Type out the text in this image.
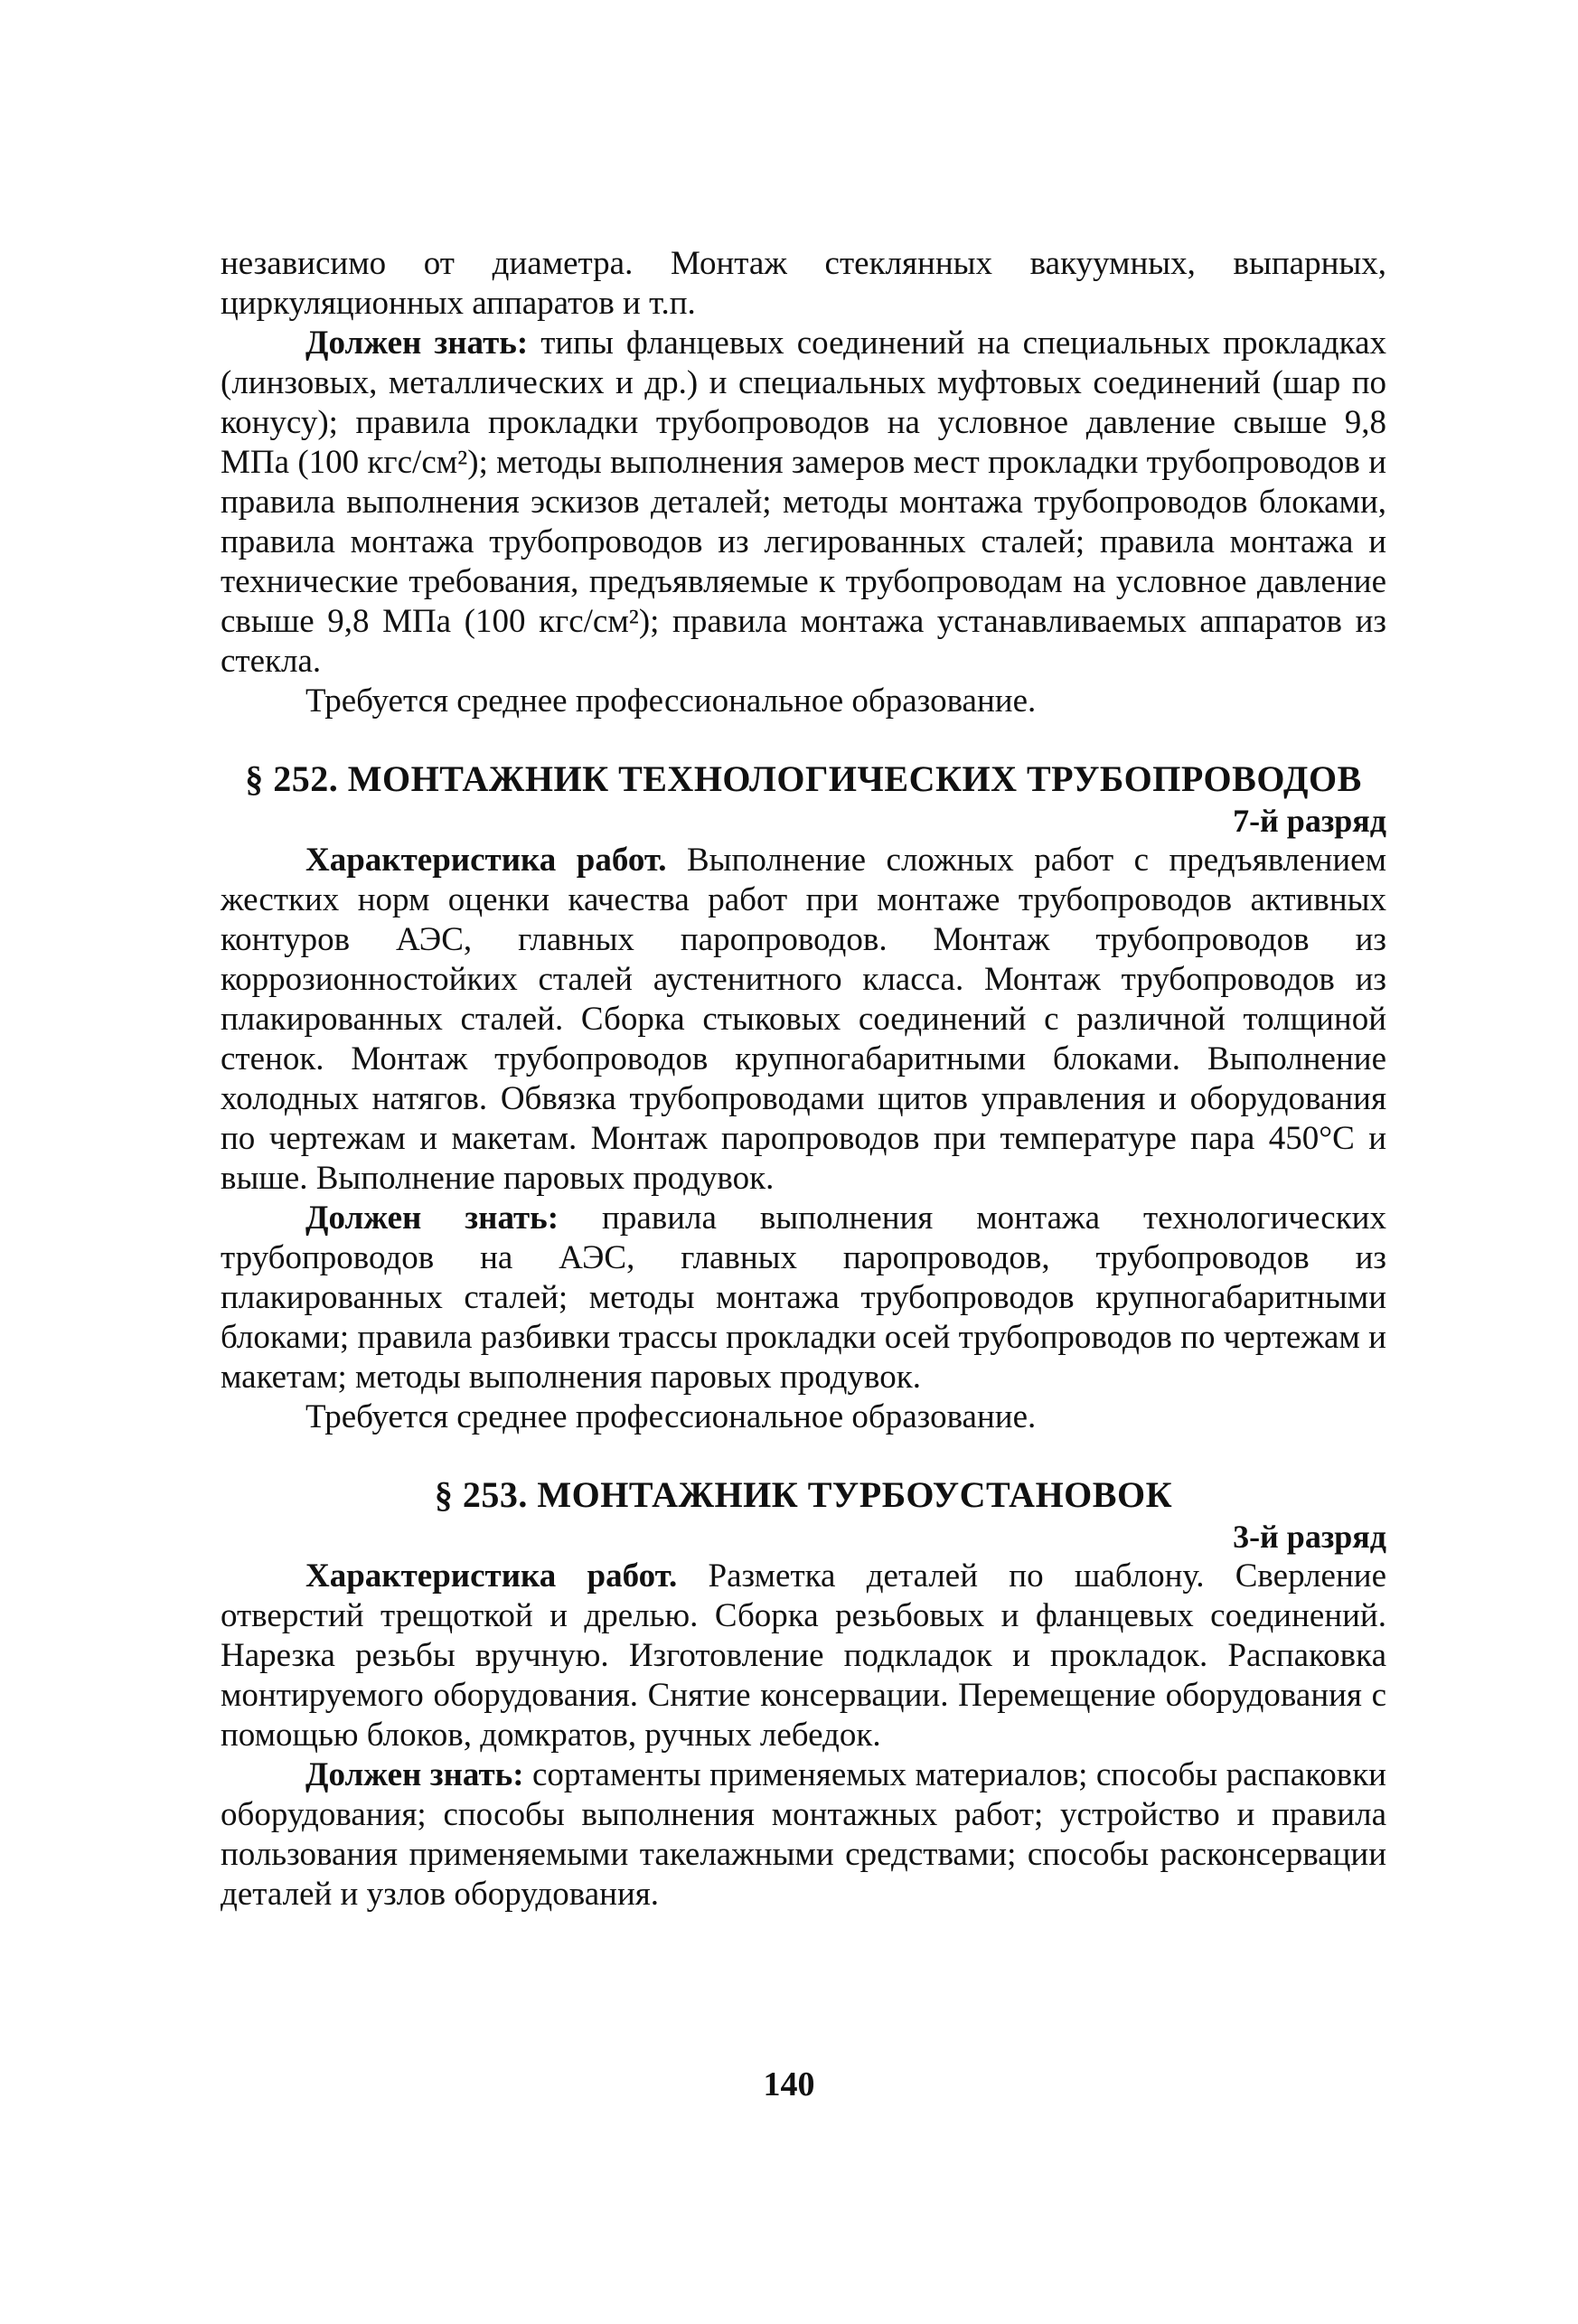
независимо от диаметра. Монтаж стеклянных вакуумных, выпарных, циркуляционных аппаратов и т.п.

Должен знать: типы фланцевых соединений на специальных прокладках (линзовых, металлических и др.) и специальных муфтовых соединений (шар по конусу); правила прокладки трубопроводов на условное давление свыше 9,8 МПа (100 кгс/см²); методы выполнения замеров мест прокладки трубопроводов и правила выполнения эскизов деталей; методы монтажа трубопроводов блоками, правила монтажа трубопроводов из легированных сталей; правила монтажа и технические требования, предъявляемые к трубопроводам на условное давление свыше 9,8 МПа (100 кгс/см²); правила монтажа устанавливаемых аппаратов из стекла.

Требуется среднее профессиональное образование.

§ 252. МОНТАЖНИК ТЕХНОЛОГИЧЕСКИХ ТРУБОПРОВОДОВ
7-й разряд

Характеристика работ. Выполнение сложных работ с предъявлением жестких норм оценки качества работ при монтаже трубопроводов активных контуров АЭС, главных паропроводов. Монтаж трубопроводов из коррозионностойких сталей аустенитного класса. Монтаж трубопроводов из плакированных сталей. Сборка стыковых соединений с различной толщиной стенок. Монтаж трубопроводов крупногабаритными блоками. Выполнение холодных натягов. Обвязка трубопроводами щитов управления и оборудования по чертежам и макетам. Монтаж паропроводов при температуре пара 450°С и выше. Выполнение паровых продувок.

Должен знать: правила выполнения монтажа технологических трубопроводов на АЭС, главных паропроводов, трубопроводов из плакированных сталей; методы монтажа трубопроводов крупногабаритными блоками; правила разбивки трассы прокладки осей трубопроводов по чертежам и макетам; методы выполнения паровых продувок.

Требуется среднее профессиональное образование.

§ 253. МОНТАЖНИК ТУРБОУСТАНОВОК
3-й разряд

Характеристика работ. Разметка деталей по шаблону. Сверление отверстий трещоткой и дрелью. Сборка резьбовых и фланцевых соединений. Нарезка резьбы вручную. Изготовление подкладок и прокладок. Распаковка монтируемого оборудования. Снятие консервации. Перемещение оборудования с помощью блоков, домкратов, ручных лебедок.

Должен знать: сортаменты применяемых материалов; способы распаковки оборудования; способы выполнения монтажных работ; устройство и правила пользования применяемыми такелажными средствами; способы расконсервации деталей и узлов оборудования.

140
